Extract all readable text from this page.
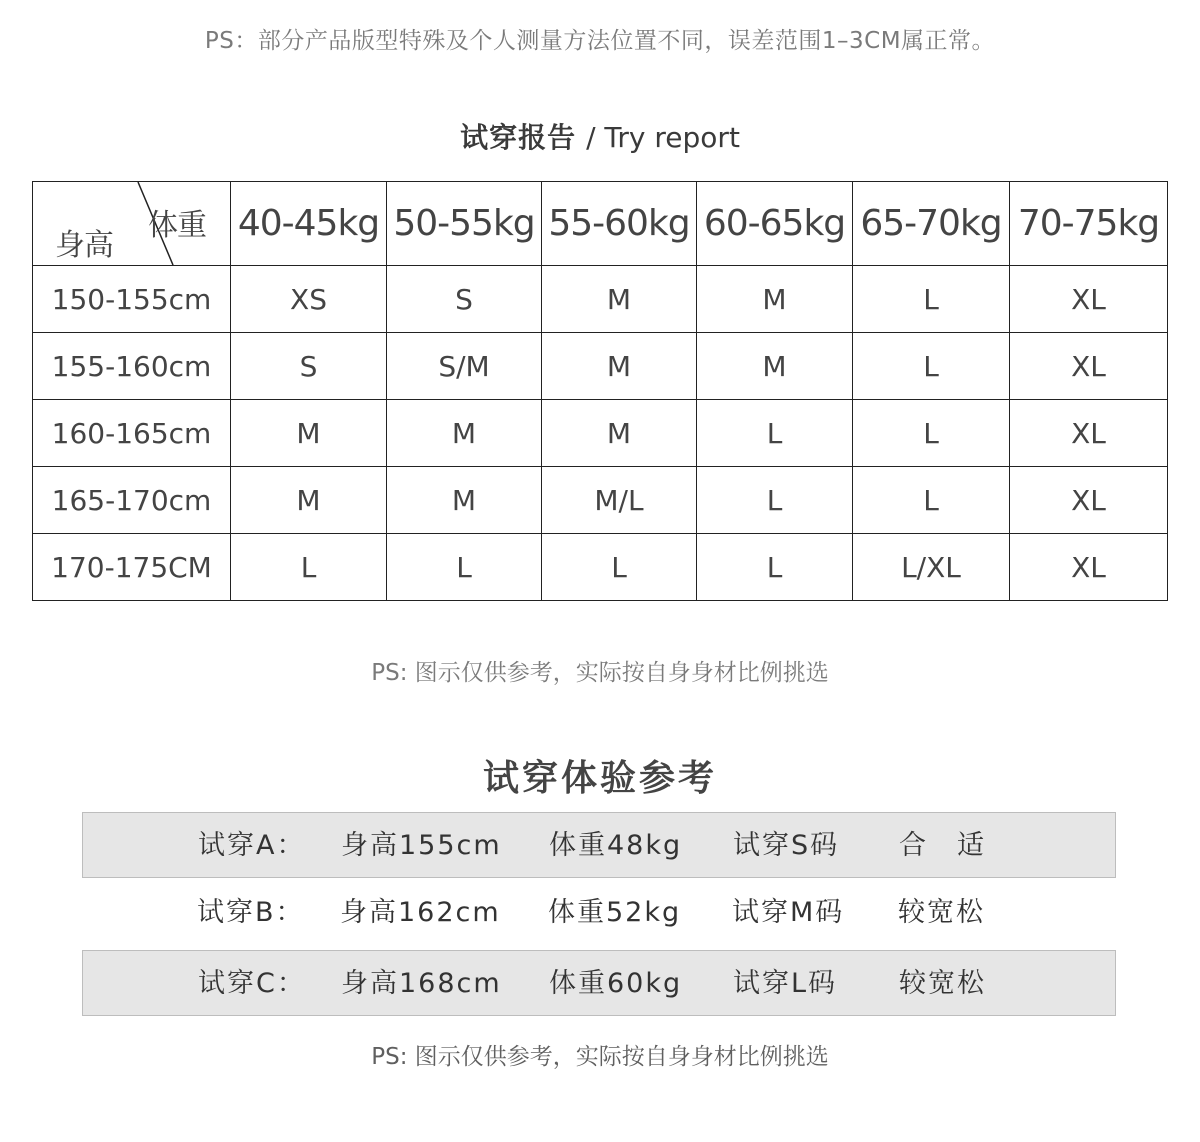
PS：部分产品版型特殊及个人测量方法位置不同，误差范围1–3CM属正常。
试穿报告 / Try report
体重
身高	40-45kg	50-55kg	55-60kg	60-65kg	65-70kg	70-75kg
150-155cm	XS	S	M	M	L	XL
155-160cm	S	S/M	M	M	L	XL
160-165cm	M	M	M	L	L	XL
165-170cm	M	M	M/L	L	L	XL
170-175CM	L	L	L	L	L/XL	XL
PS: 图示仅供参考，实际按自身身材比例挑选
试穿体验参考
试穿A： 身高155cm 体重48kg 试穿S码 合　适
试穿B： 身高162cm 体重52kg 试穿M码 较宽松
试穿C： 身高168cm 体重60kg 试穿L码 较宽松
PS: 图示仅供参考，实际按自身身材比例挑选
